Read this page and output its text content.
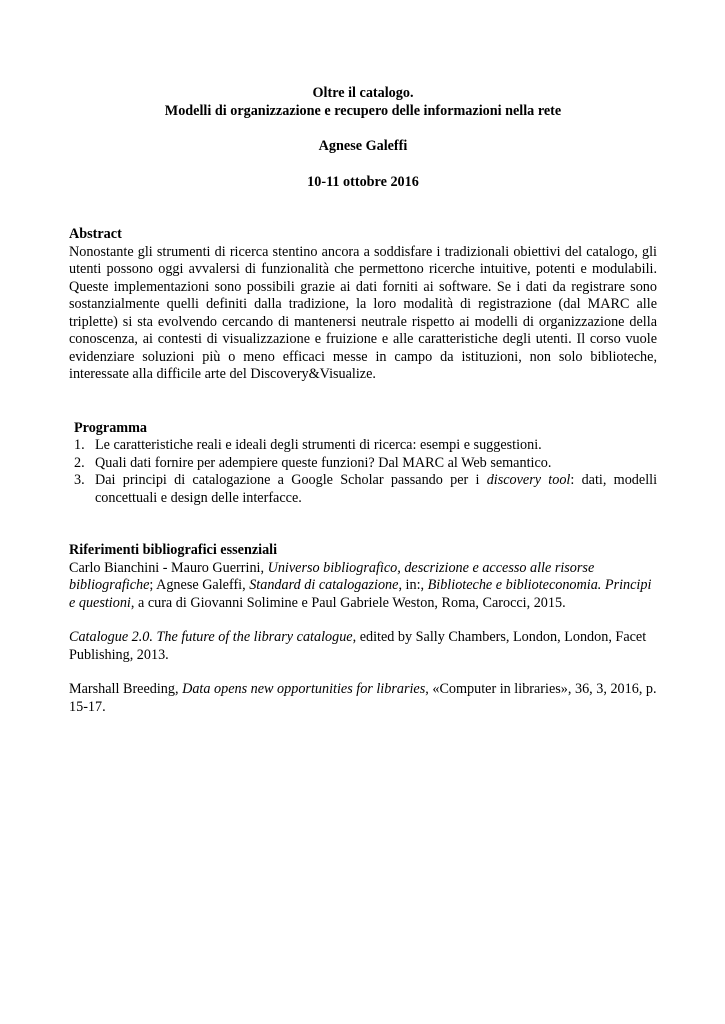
Oltre il catalogo.
Modelli di organizzazione e recupero delle informazioni nella rete
Agnese Galeffi
10-11 ottobre 2016
Abstract
Nonostante gli strumenti di ricerca stentino ancora a soddisfare i tradizionali obiettivi del catalogo, gli utenti possono oggi avvalersi di funzionalità che permettono ricerche intuitive, potenti e modulabili. Queste implementazioni sono possibili grazie ai dati forniti ai software. Se i dati da registrare sono sostanzialmente quelli definiti dalla tradizione, la loro modalità di registrazione (dal MARC alle triplette) si sta evolvendo cercando di mantenersi neutrale rispetto ai modelli di organizzazione della conoscenza, ai contesti di visualizzazione e fruizione e alle caratteristiche degli utenti. Il corso vuole evidenziare soluzioni più o meno efficaci messe in campo da istituzioni, non solo biblioteche, interessate alla difficile arte del Discovery&Visualize.
Programma
1. Le caratteristiche reali e ideali degli strumenti di ricerca: esempi e suggestioni.
2. Quali dati fornire per adempiere queste funzioni? Dal MARC al Web semantico.
3. Dai principi di catalogazione a Google Scholar passando per i discovery tool: dati, modelli concettuali e design delle interfacce.
Riferimenti bibliografici essenziali

Carlo Bianchini - Mauro Guerrini, Universo bibliografico, descrizione e accesso alle risorse bibliografiche; Agnese Galeffi, Standard di catalogazione, in:, Biblioteche e biblioteconomia. Principi e questioni, a cura di Giovanni Solimine e Paul Gabriele Weston, Roma, Carocci, 2015.

Catalogue 2.0. The future of the library catalogue, edited by Sally Chambers, London, London, Facet Publishing, 2013.

Marshall Breeding, Data opens new opportunities for libraries, «Computer in libraries», 36, 3, 2016, p. 15-17.
